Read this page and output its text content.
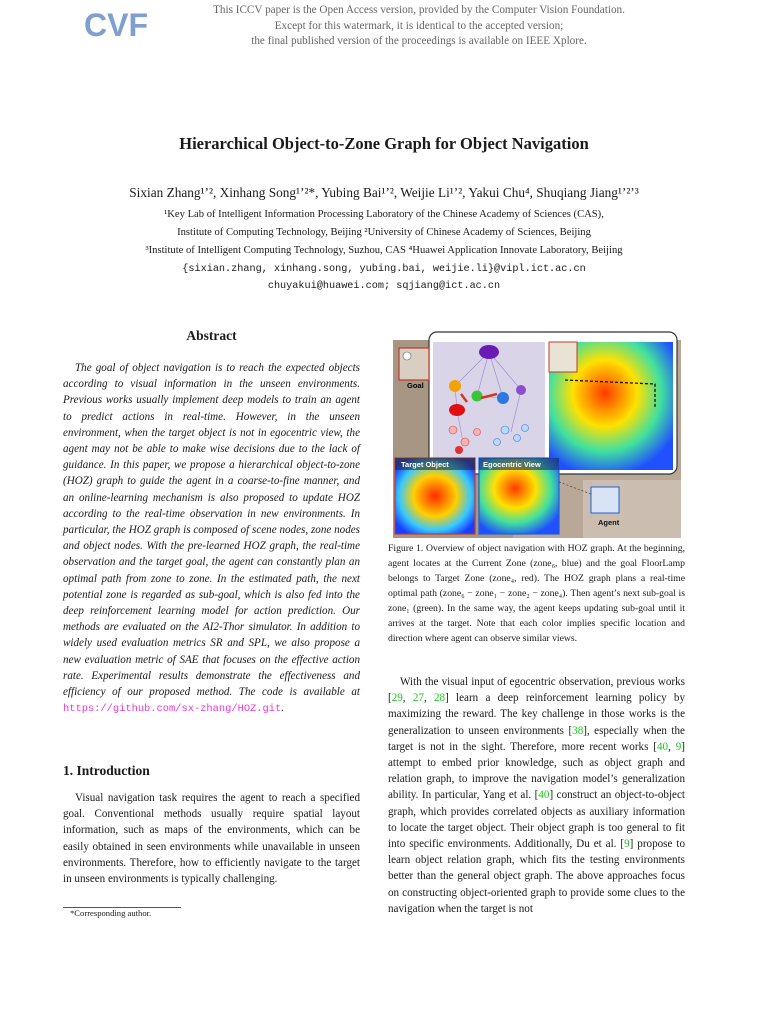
CVF	This ICCV paper is the Open Access version, provided by the Computer Vision Foundation.
Except for this watermark, it is identical to the accepted version;
the final published version of the proceedings is available on IEEE Xplore.
Hierarchical Object-to-Zone Graph for Object Navigation
Sixian Zhang¹ʼ², Xinhang Song¹ʼ²*, Yubing Bai¹ʼ², Weijie Li¹ʼ², Yakui Chu⁴, Shuqiang Jiang¹ʼ²ʼ³
¹Key Lab of Intelligent Information Processing Laboratory of the Chinese Academy of Sciences (CAS),
Institute of Computing Technology, Beijing ²University of Chinese Academy of Sciences, Beijing
³Institute of Intelligent Computing Technology, Suzhou, CAS ⁴Huawei Application Innovate Laboratory, Beijing
{sixian.zhang, xinhang.song, yubing.bai, weijie.li}@vipl.ict.ac.cn
chuyakui@huawei.com; sqjiang@ict.ac.cn
Abstract
The goal of object navigation is to reach the expected objects according to visual information in the unseen environments. Previous works usually implement deep models to train an agent to predict actions in real-time. However, in the unseen environment, when the target object is not in egocentric view, the agent may not be able to make wise decisions due to the lack of guidance. In this paper, we propose a hierarchical object-to-zone (HOZ) graph to guide the agent in a coarse-to-fine manner, and an online-learning mechanism is also proposed to update HOZ according to the real-time observation in new environments. In particular, the HOZ graph is composed of scene nodes, zone nodes and object nodes. With the pre-learned HOZ graph, the real-time observation and the target goal, the agent can constantly plan an optimal path from zone to zone. In the estimated path, the next potential zone is regarded as sub-goal, which is also fed into the deep reinforcement learning model for action prediction. Our methods are evaluated on the AI2-Thor simulator. In addition to widely used evaluation metrics SR and SPL, we also propose a new evaluation metric of SAE that focuses on the effective action rate. Experimental results demonstrate the effectiveness and efficiency of our proposed method. The code is available at https://github.com/sx-zhang/HOZ.git.
1. Introduction
Visual navigation task requires the agent to reach a specified goal. Conventional methods usually require spatial layout information, such as maps of the environments, which can be easily obtained in seen environments while unavailable in unseen environments. Therefore, how to efficiently navigate to the target in unseen environments is typically challenging.
*Corresponding author.
Goal
Target Object	Egocentric View
Agent
Figure 1. Overview of object navigation with HOZ graph. At the beginning, agent locates at the Current Zone (zone₆, blue) and the goal FloorLamp belongs to Target Zone (zone₄, red). The HOZ graph plans a real-time optimal path (zone₆ − zone₁ − zone₂ − zone₄). Then agent’s next sub-goal is zone₁ (green). In the same way, the agent keeps updating sub-goal until it arrives at the target. Note that each color implies specific location and direction where agent can observe similar views.
With the visual input of egocentric observation, previous works [29, 27, 28] learn a deep reinforcement learning policy by maximizing the reward. The key challenge in those works is the generalization to unseen environments [38], especially when the target is not in the sight. Therefore, more recent works [40, 9] attempt to embed prior knowledge, such as object graph and relation graph, to improve the navigation model’s generalization ability. In particular, Yang et al. [40] construct an object-to-object graph, which provides correlated objects as auxiliary information to locate the target object. Their object graph is too general to fit into specific environments. Additionally, Du et al. [9] propose to learn object relation graph, which fits the testing environments better than the general object graph. The above approaches focus on constructing object-oriented graph to provide some clues to the navigation when the target is not
